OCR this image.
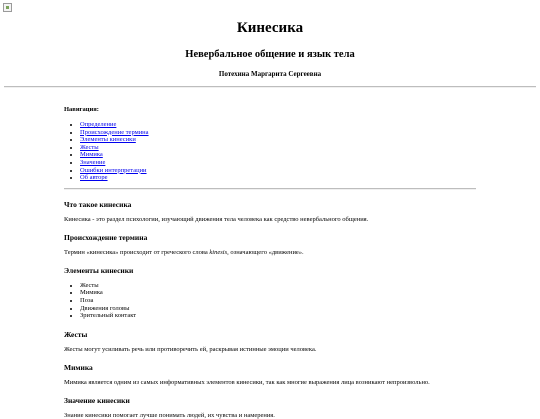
Кинесика
Невербальное общение и язык тела
Потехина Маргарита Сергеевна
Навигация:
• Определение
• Происхождение термина
• Элементы кинесики
• Жесты
• Мимика
• Значение
• Ошибки интерпретации
• Об авторе
Что такое кинесика

Кинесика - это раздел психологии, изучающий движения тела человека как средство невербального общения.

Происхождение термина

Термин «кинесика» происходит от греческого слова kinesis, означающего «движение».

Элементы кинесики
• Жесты
• Мимика
• Поза
• Движения головы
• Зрительный контакт
Жесты

Жесты могут усиливать речь или противоречить ей, раскрывая истинные эмоции человека.

Мимика

Мимика является одним из самых информативных элементов кинесики, так как многие выражения лица возникают непроизвольно.

Значение кинесики

Знание кинесики помогает лучше понимать людей, их чувства и намерения.
